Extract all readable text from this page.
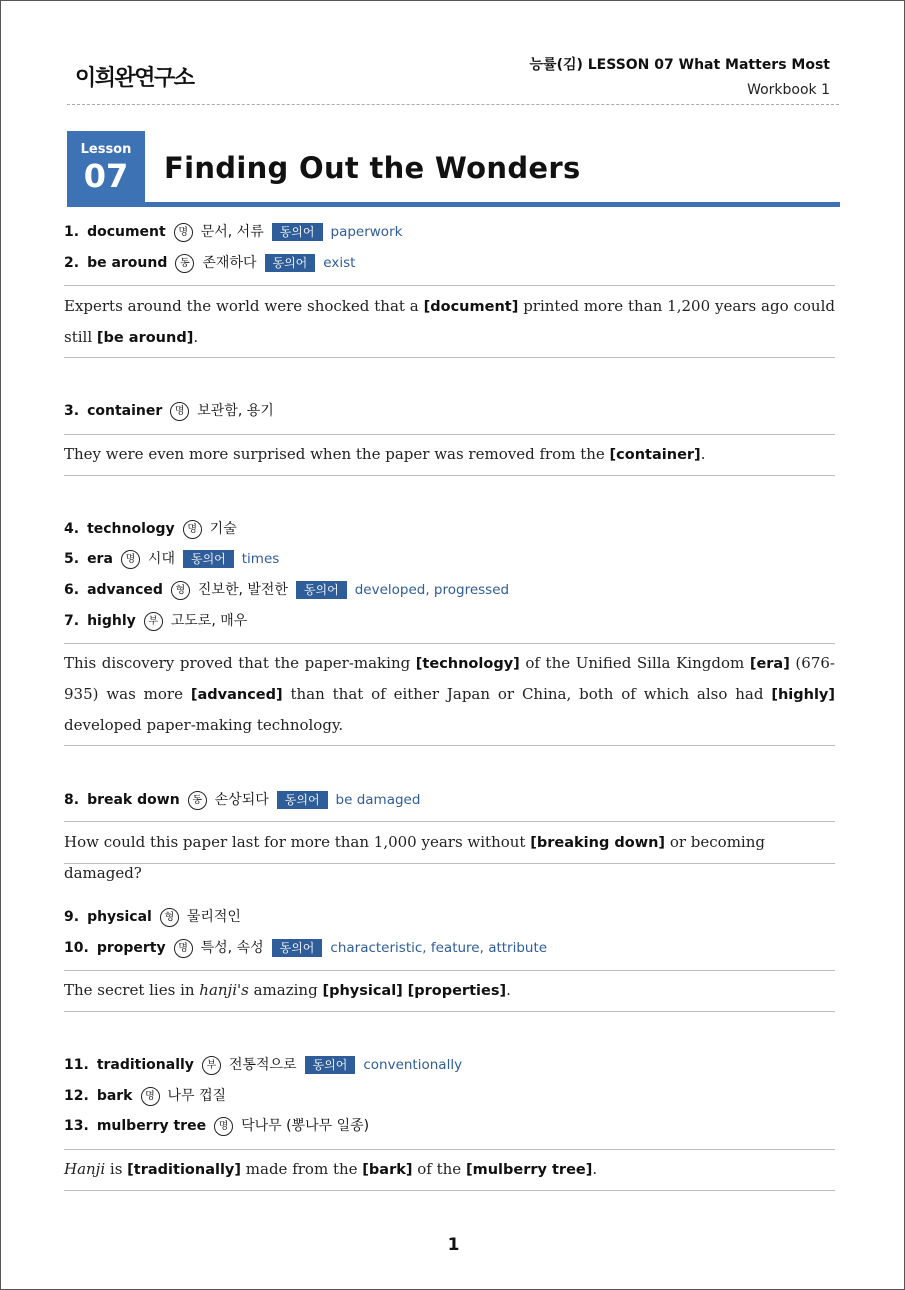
이희완연구소
능률(김) LESSON 07 What Matters Most
Workbook 1
Lesson
07	Finding Out the Wonders
1. document	명 문서, 서류	동의어	paperwork
2. be around	동 존재하다	동의어	exist
Experts around the world were shocked that a [document] printed more than 1,200 years ago could still [be around].
3. container	명 보관함, 용기
They were even more surprised when the paper was removed from the [container].
4. technology	명 기술
5. era	명 시대	동의어	times
6. advanced	형 진보한, 발전한	동의어	developed, progressed
7. highly	부 고도로, 매우
This discovery proved that the paper-making [technology] of the Unified Silla Kingdom [era] (676-935) was more [advanced] than that of either Japan or China, both of which also had [highly] developed paper-making technology.
8. break down	동 손상되다	동의어	be damaged
How could this paper last for more than 1,000 years without [breaking down] or becoming damaged?
9. physical	형 물리적인
10. property	명 특성, 속성	동의어	characteristic, feature, attribute
The secret lies in hanji's amazing [physical] [properties].
11. traditionally	부 전통적으로	동의어	conventionally
12. bark	명 나무 껍질
13. mulberry tree	명 닥나무 (뽕나무 일종)
Hanji is [traditionally] made from the [bark] of the [mulberry tree].
1
